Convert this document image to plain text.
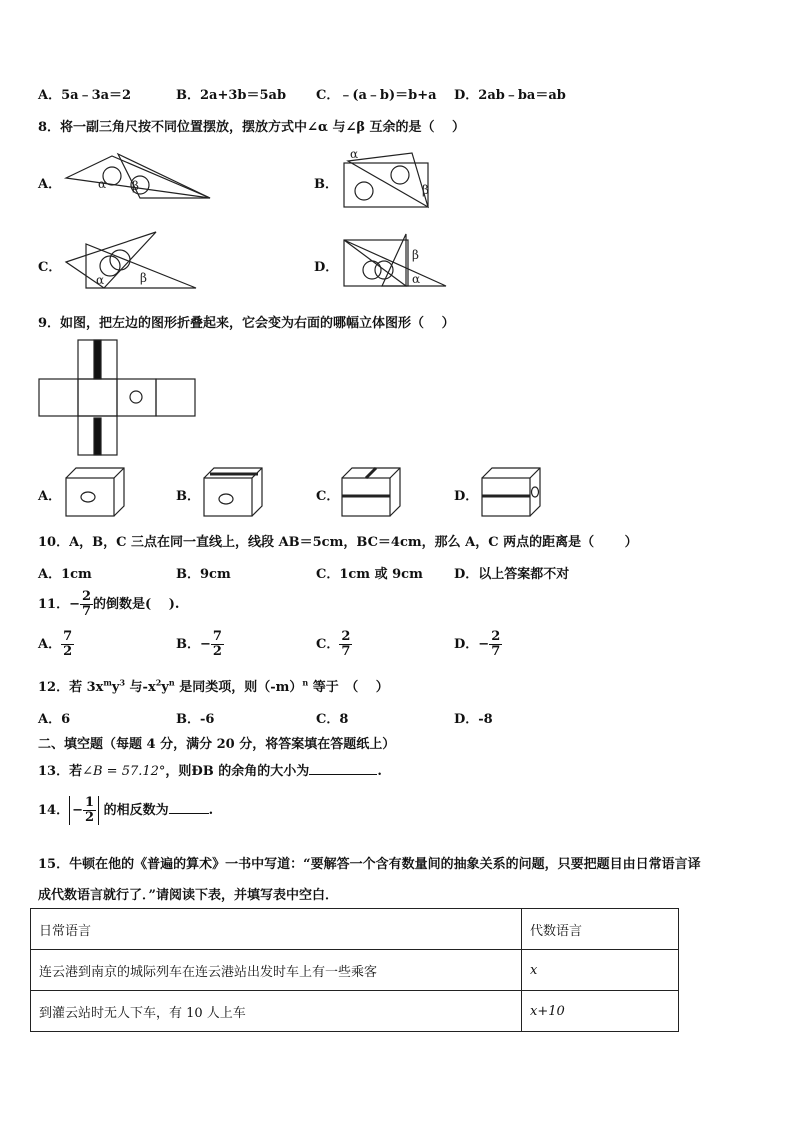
A．5a﹣3a＝2	B．2a+3b＝5ab C．﹣(a﹣b)＝b+a D．2ab﹣ba＝ab
8．将一副三角尺按不同位置摆放，摆放方式中∠α 与∠β 互余的是（　 ）
A．	α β	B．
α
β
C．
α	β
D．
β
α
9．如图，把左边的图形折叠起来，它会变为右面的哪幅立体图形（　 ）
A．	B．	C．	D．
10．A，B，C 三点在同一直线上，线段 AB＝5cm，BC＝4cm，那么 A，C 两点的距离是（　　 ）
A．1cm	B．9cm	C．1cm 或 9cm D．以上答案都不对
11．− $\frac{2}{7}$ 的倒数是(　 ).
A． $\frac{7}{2}$	B．− $\frac{7}{2}$	C． $\frac{2}{7}$	D．− $\frac{2}{7}$
12．若 $3x^my^3$ 与$-x^2y^n$ 是同类项，则$(-m)^n$ 等于　（　 ）
A．6	B．-6	C．8	D．-8
二、填空题（每题 4 分，满分 20 分，将答案填在答题纸上）
13．若∠B = 57.12°，则ÐB 的余角的大小为	.
14． − $\frac{1}{2}$ 的相反数为	.
15．牛顿在他的《普遍的算术》一书中写道：“要解答一个含有数量间的抽象关系的问题，只要把题目由日常语言译
成代数语言就行了．”请阅读下表，并填写表中空白．
日常语言	代数语言
连云港到南京的城际列车在连云港站出发时车上有一些乘客	x
到灌云站时无人下车，有 10 人上车	x+10
